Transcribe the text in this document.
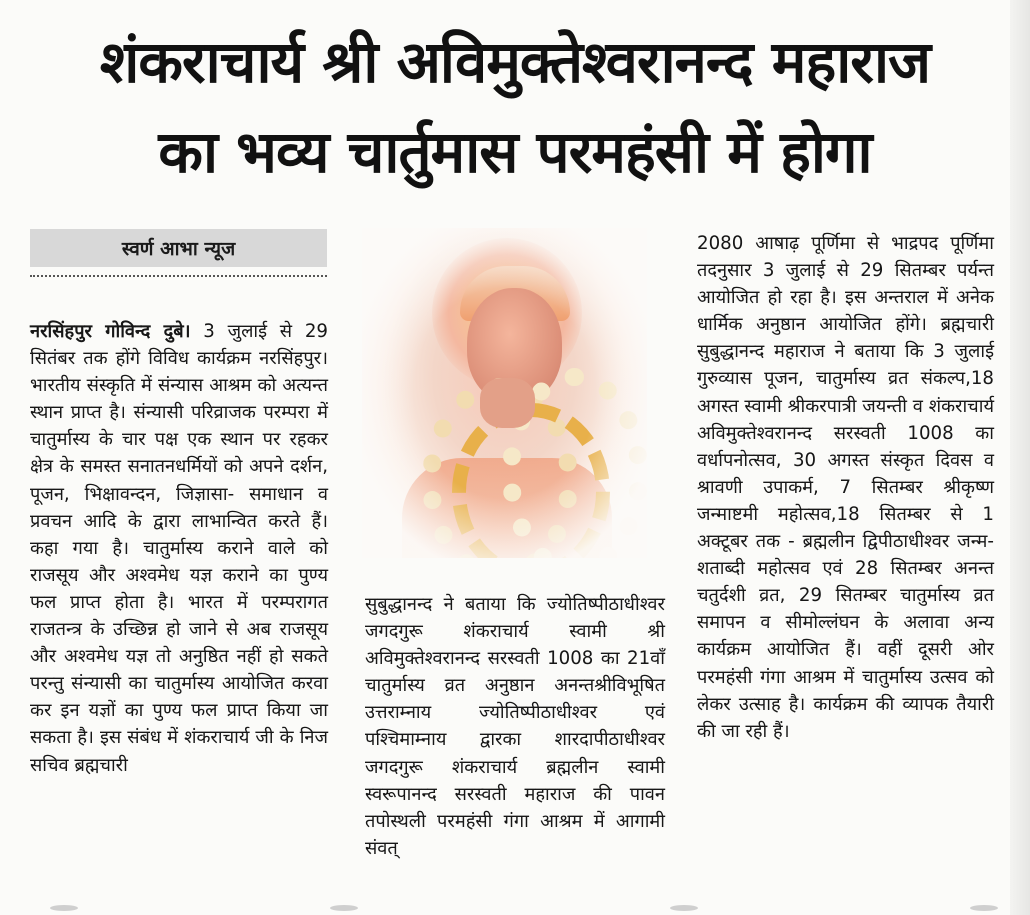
शंकराचार्य श्री अविमुक्तेश्वरानन्द महाराज
का भव्य चार्तुमास परमहंसी में होगा
स्वर्ण आभा न्यूज
नरसिंहपुर गोविन्द दुबे। 3 जुलाई से 29 सितंबर तक होंगे विविध कार्यक्रम नरसिंहपुर। भारतीय संस्कृति में संन्यास आश्रम को अत्यन्त स्थान प्राप्त है। संन्यासी परिव्राजक परम्परा में चातुर्मास्य के चार पक्ष एक स्थान पर रहकर क्षेत्र के समस्त सनातनधर्मियों को अपने दर्शन, पूजन, भिक्षावन्दन, जिज्ञासा- समाधान व प्रवचन आदि के द्वारा लाभान्वित करते हैं। कहा गया है। चातुर्मास्य कराने वाले को राजसूय और अश्वमेध यज्ञ कराने का पुण्य फल प्राप्त होता है। भारत में परम्परागत राजतन्त्र के उच्छिन्न हो जाने से अब राजसूय और अश्वमेध यज्ञ तो अनुष्ठित नहीं हो सकते परन्तु संन्यासी का चातुर्मास्य आयोजित करवा कर इन यज्ञों का पुण्य फल प्राप्त किया जा सकता है। इस संबंध में शंकराचार्य जी के निज सचिव ब्रह्मचारी
सुबुद्धानन्द ने बताया कि ज्योतिष्पीठाधीश्वर जगदगुरू शंकराचार्य स्वामी श्री अविमुक्तेश्वरानन्द सरस्वती 1008 का 21वाँ चातुर्मास्य व्रत अनुष्ठान अनन्तश्रीविभूषित उत्तराम्नाय ज्योतिष्पीठाधीश्वर एवं पश्चिमाम्नाय द्वारका शारदापीठाधीश्वर जगदगुरू शंकराचार्य ब्रह्मलीन स्वामी स्वरूपानन्द सरस्वती महाराज की पावन तपोस्थली परमहंसी गंगा आश्रम में आगामी संवत्
2080 आषाढ़ पूर्णिमा से भाद्रपद पूर्णिमा तदनुसार 3 जुलाई से 29 सितम्बर पर्यन्त आयोजित हो रहा है। इस अन्तराल में अनेक धार्मिक अनुष्ठान आयोजित होंगे। ब्रह्मचारी सुबुद्धानन्द महाराज ने बताया कि 3 जुलाई गुरुव्यास पूजन, चातुर्मास्य व्रत संकल्प,18 अगस्त स्वामी श्रीकरपात्री जयन्ती व शंकराचार्य अविमुक्तेश्वरानन्द सरस्वती 1008 का वर्धापनोत्सव, 30 अगस्त संस्कृत दिवस व श्रावणी उपाकर्म, 7 सितम्बर श्रीकृष्ण जन्माष्टमी महोत्सव,18 सितम्बर से 1 अक्टूबर तक - ब्रह्मलीन द्विपीठाधीश्वर जन्म-शताब्दी महोत्सव एवं 28 सितम्बर अनन्त चतुर्दशी व्रत, 29 सितम्बर चातुर्मास्य व्रत समापन व सीमोल्लंघन के अलावा अन्य कार्यक्रम आयोजित हैं। वहीं दूसरी ओर परमहंसी गंगा आश्रम में चातुर्मास्य उत्सव को लेकर उत्साह है। कार्यक्रम की व्यापक तैयारी की जा रही हैं।
